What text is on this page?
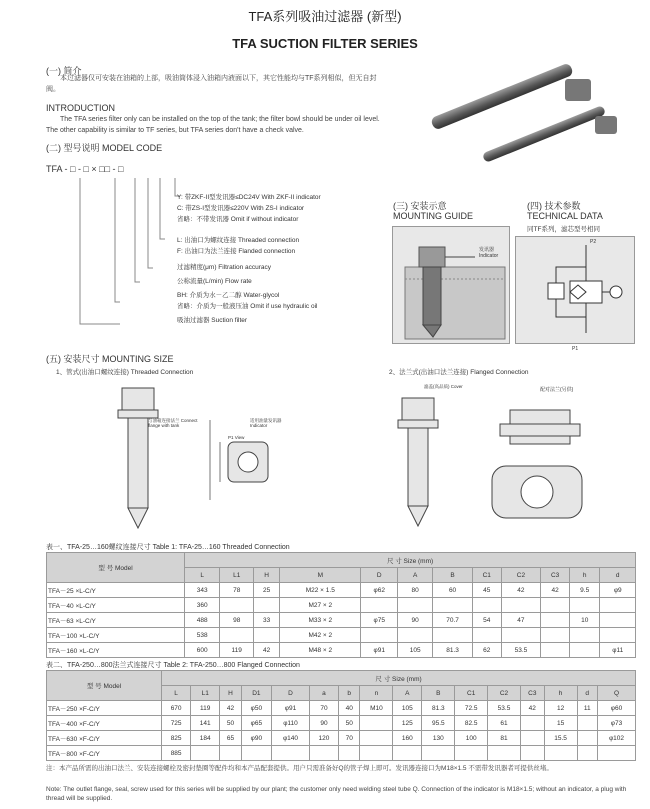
TFA系列吸油过滤器 (新型)
TFA SUCTION FILTER SERIES
(一) 简介
本过滤器仅可安装在油箱的上部，吸油筒体浸入油箱内液面以下，其它性能均与TF系列相似，但无自封阀。
INTRODUCTION
The TFA series filter only can be installed on the top of the tank; the filter bowl should be under oil level. The other capability is similar to TF series, but TFA series don't have a check valve.
(二) 型号说明 MODEL CODE
TFA - □ - □ × □□ - □
Y: 带ZKF-II型发讯器≤DC24V With ZKF-II indicator
C: 带ZS-I型发讯器≤220V With ZS-I indicator
省略：不带发讯器 Omit if without indicator
L: 出油口为螺纹连接 Threaded connection
F: 出油口为法兰连接 Flanded connection
过滤精度(μm) Filtration accuracy
公称流量(L/min) Flow rate
BH: 介质为水－乙二醇 Water-glycol
省略：介质为一般液压油 Omit if use hydraulic oil
吸油过滤器 Suction filter
(三) 安装示意
MOUNTING GUIDE
发讯器
Indicator
(四) 技术参数
TECHNICAL DATA
同TF系列，滤芯型号相同
P2
P1
(五) 安装尺寸 MOUNTING SIZE
1、管式(出油口螺纹连接) Threaded Connection	2、法兰式(出油口法兰连接) Flanged Connection
与油箱连接法兰 Connect flange with tank
适用油量发讯器 Indicator
P1 View
滤盖(高品质) Cover
配对法兰(另供)
表一、TFA-25…160螺纹连接尺寸 Table 1: TFA-25…160 Threaded Connection
型 号 Model	尺 寸 Size (mm)											
	L	L1	H	M	D	A	B	C1	C2	C3	h	d
TFA－25 ×L-C/Y	343	78	25	M22 × 1.5	φ62	80	60	45	42	42	9.5	φ9
TFA－40 ×L-C/Y	360			M27 × 2								
TFA－63 ×L-C/Y	488	98	33	M33 × 2	φ75	90	70.7	54	47		10	
TFA－100 ×L-C/Y	538			M42 × 2								
TFA－160 ×L-C/Y	600	119	42	M48 × 2	φ91	105	81.3	62	53.5			φ11
表二、TFA-250…800法兰式连接尺寸 Table 2: TFA-250…800 Flanged Connection
型 号 Model	尺 寸 Size (mm)															
	L	L1	H	D1	D	a	b	n	A	B	C1	C2	C3	h	d	Q
TFA－250 ×F-C/Y	670	119	42	φ50	φ91	70	40	M10	105	81.3	72.5	53.5	42	12	11	φ60
TFA－400 ×F-C/Y	725	141	50	φ65	φ110	90	50		125	95.5	82.5	61		15		φ73
TFA－630 ×F-C/Y	825	184	65	φ90	φ140	120	70		160	130	100	81		15.5		φ102
TFA－800 ×F-C/Y	885															
注：本产品所需的出油口法兰、安装连接螺栓及密封垫圈等配件均和本产品配套提供。用户只需准备好Q的管子焊上即可。发讯器连接口为M18×1.5 不需带发讯器者可提供丝堵。
Note: The outlet flange, seal, screw used for this series will be supplied by our plant; the customer only need welding steel tube Q. Connection of the indicator is M18×1.5; without an indicator, a plug with thread will be supplied.
